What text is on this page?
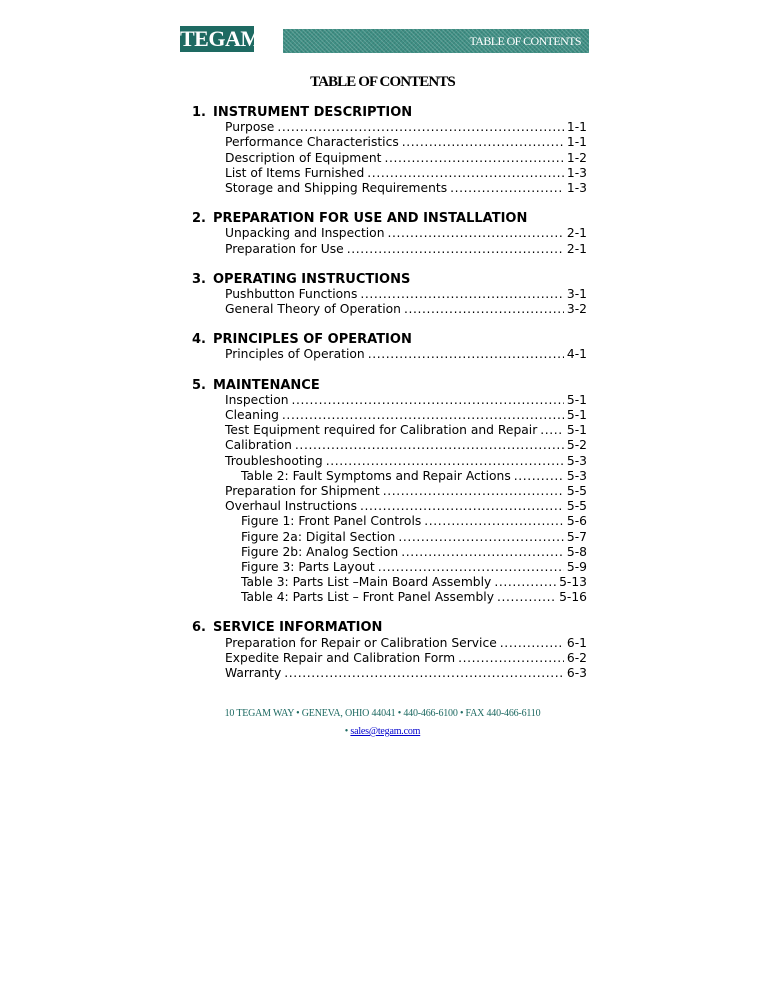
TEGAM	TABLE OF CONTENTS
TABLE OF CONTENTS
1. INSTRUMENT DESCRIPTION
Purpose .....	1-1
Performance Characteristics .....	1-1
Description of Equipment .....	1-2
List of Items Furnished .....	1-3
Storage and Shipping Requirements .....	1-3
2. PREPARATION FOR USE AND INSTALLATION
Unpacking and Inspection .....	2-1
Preparation for Use .....	2-1
3. OPERATING INSTRUCTIONS
Pushbutton Functions .....	3-1
General Theory of Operation .....	3-2
4. PRINCIPLES OF OPERATION
Principles of Operation .....	4-1
5. MAINTENANCE
Inspection .....	5-1
Cleaning .....	5-1
Test Equipment required for Calibration and Repair ..... 5-1
Calibration .....	5-2
Troubleshooting .....	5-3
Table 2: Fault Symptoms and Repair Actions .....	5-3
Preparation for Shipment .....	5-5
Overhaul Instructions .....	5-5
Figure 1: Front Panel Controls .....	5-6
Figure 2a: Digital Section .....	5-7
Figure 2b: Analog Section .....	5-8
Figure 3: Parts Layout .....	5-9
Table 3: Parts List –Main Board Assembly .....	5-13
Table 4: Parts List – Front Panel Assembly .....	5-16
6. SERVICE INFORMATION
Preparation for Repair or Calibration Service .....	6-1
Expedite Repair and Calibration Form .....	6-2
Warranty .....	6-3
10 TEGAM WAY • GENEVA, OHIO 44041 • 440-466-6100 • FAX 440-466-6110
• sales@tegam.com
